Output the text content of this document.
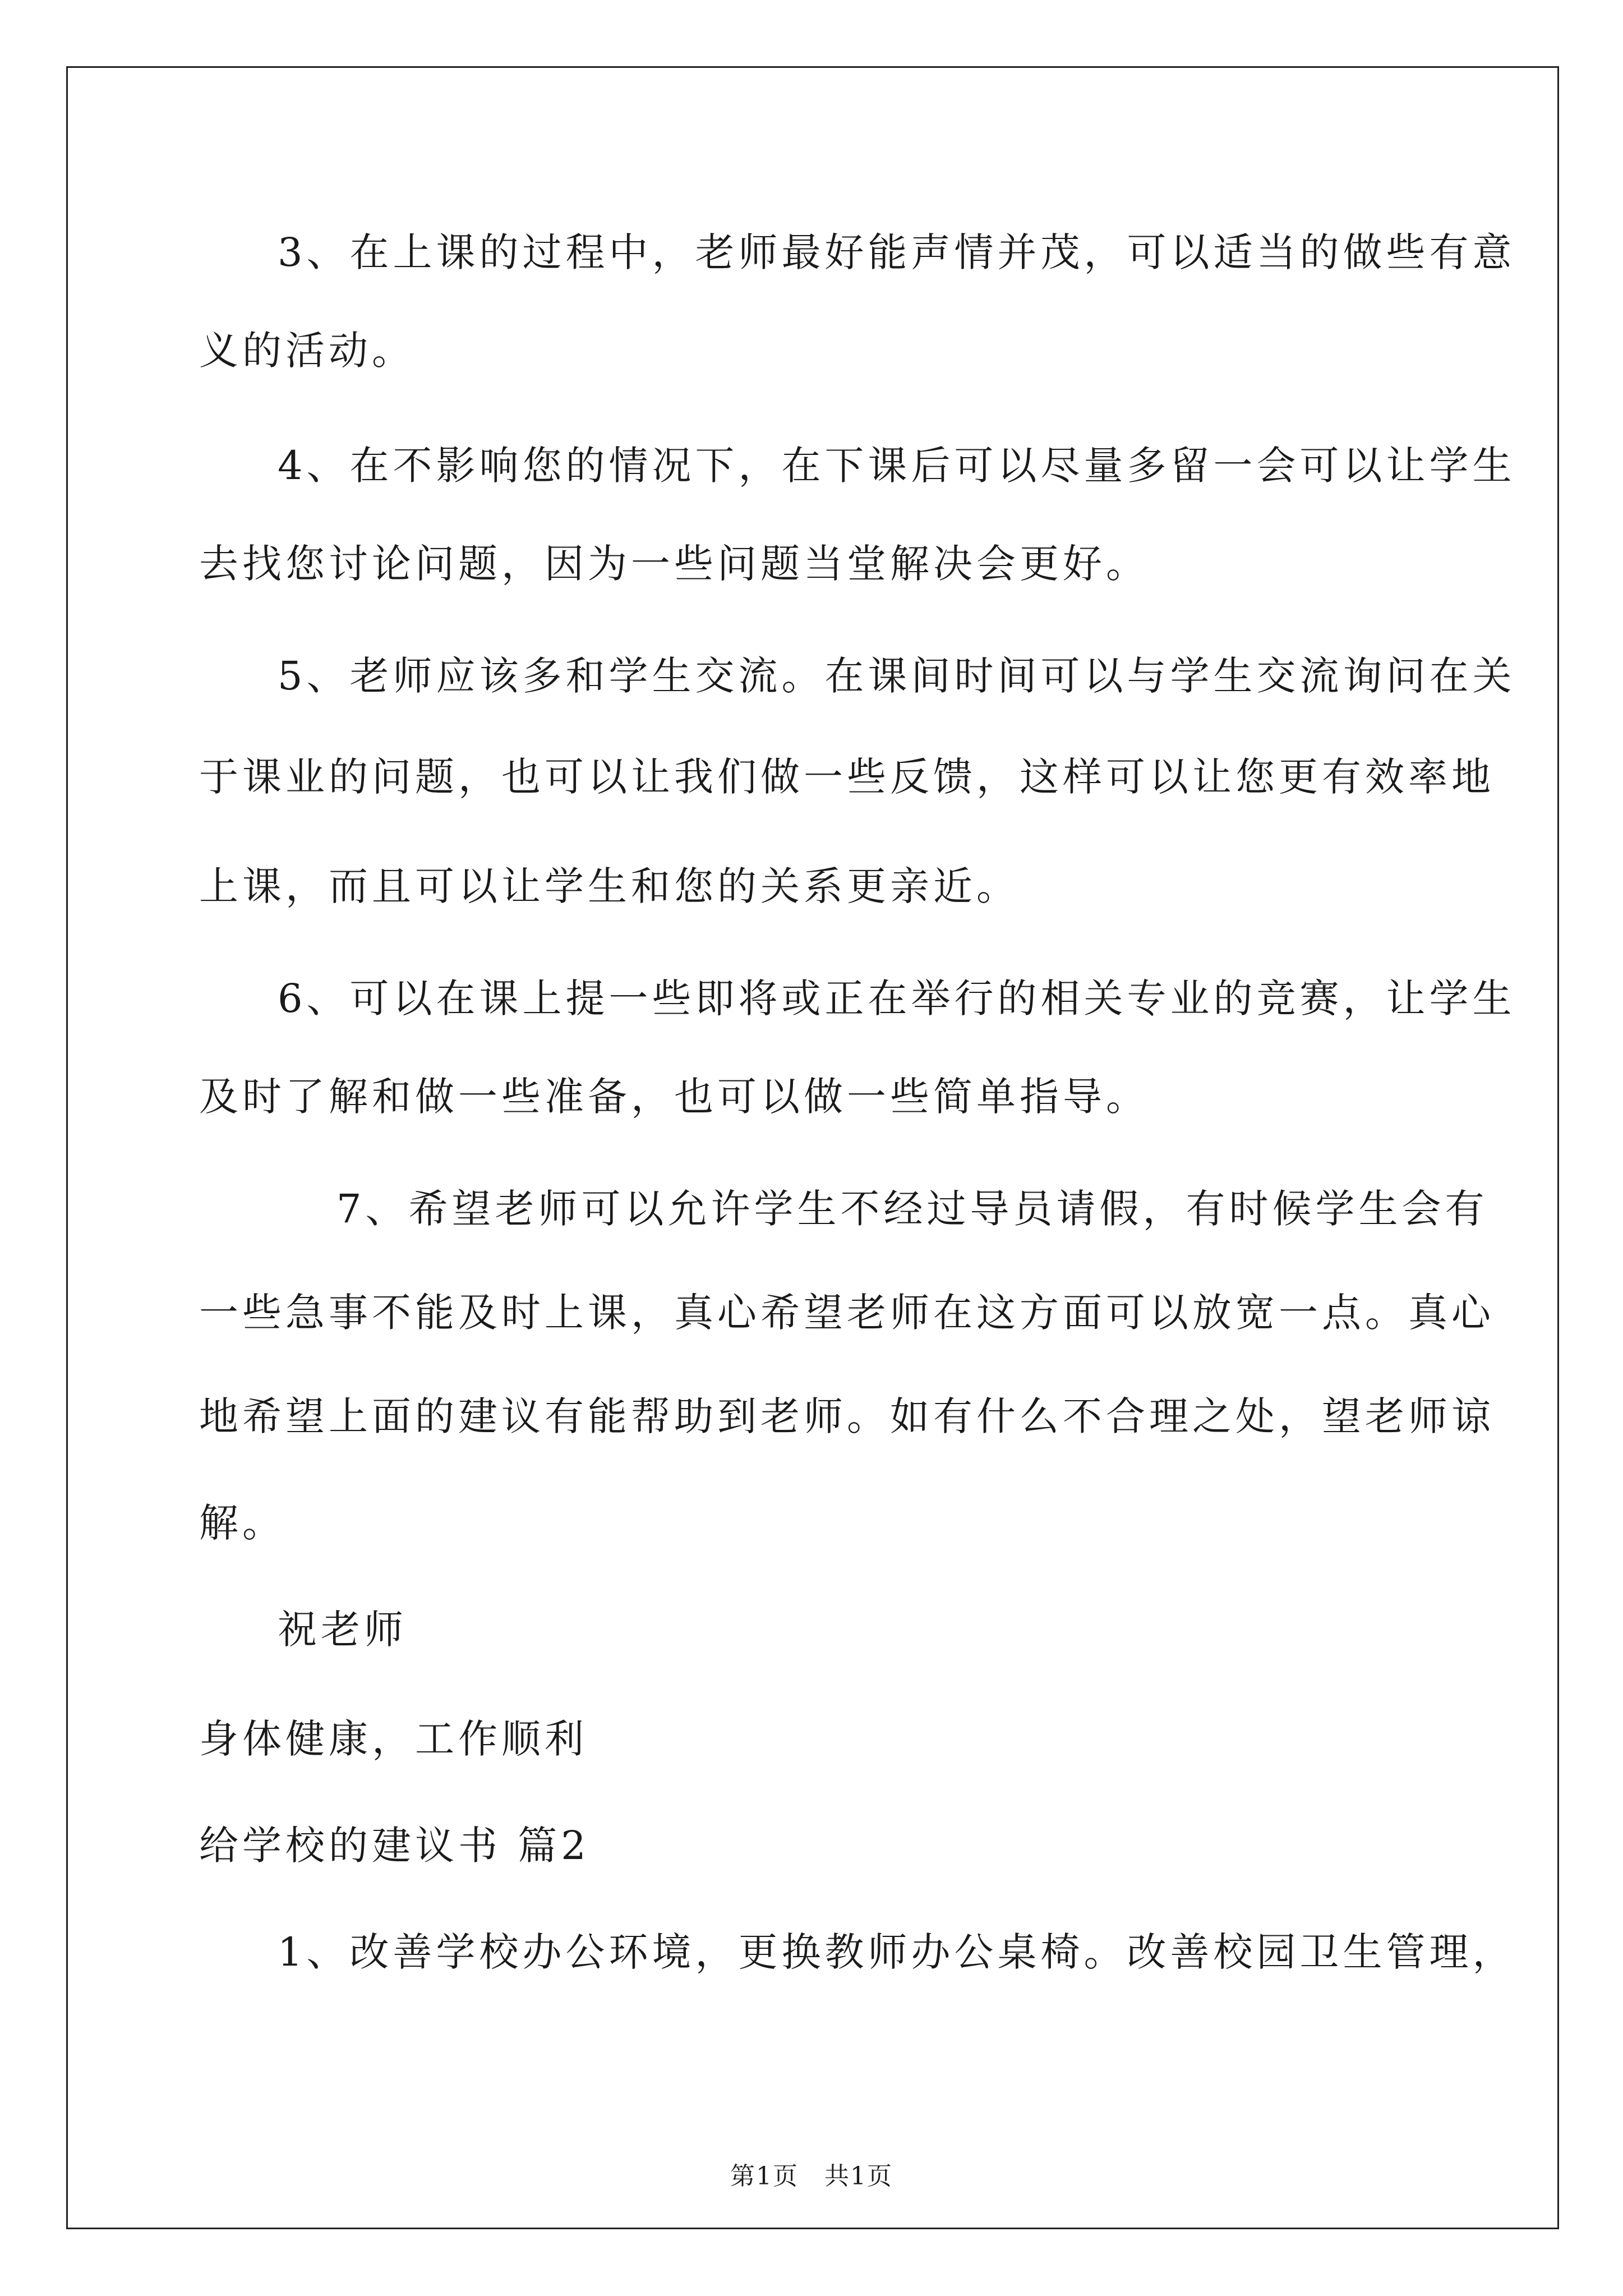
3、在上课的过程中，老师最好能声情并茂，可以适当的做些有意
义的活动。
4、在不影响您的情况下，在下课后可以尽量多留一会可以让学生
去找您讨论问题，因为一些问题当堂解决会更好。
5、老师应该多和学生交流。在课间时间可以与学生交流询问在关
于课业的问题，也可以让我们做一些反馈，这样可以让您更有效率地
上课，而且可以让学生和您的关系更亲近。
6、可以在课上提一些即将或正在举行的相关专业的竞赛，让学生
及时了解和做一些准备，也可以做一些简单指导。
7、希望老师可以允许学生不经过导员请假，有时候学生会有
一些急事不能及时上课，真心希望老师在这方面可以放宽一点。真心
地希望上面的建议有能帮助到老师。如有什么不合理之处，望老师谅
解。
祝老师
身体健康，工作顺利
给学校的建议书 篇2
1、改善学校办公环境，更换教师办公桌椅。改善校园卫生管理，
第1页　共1页
